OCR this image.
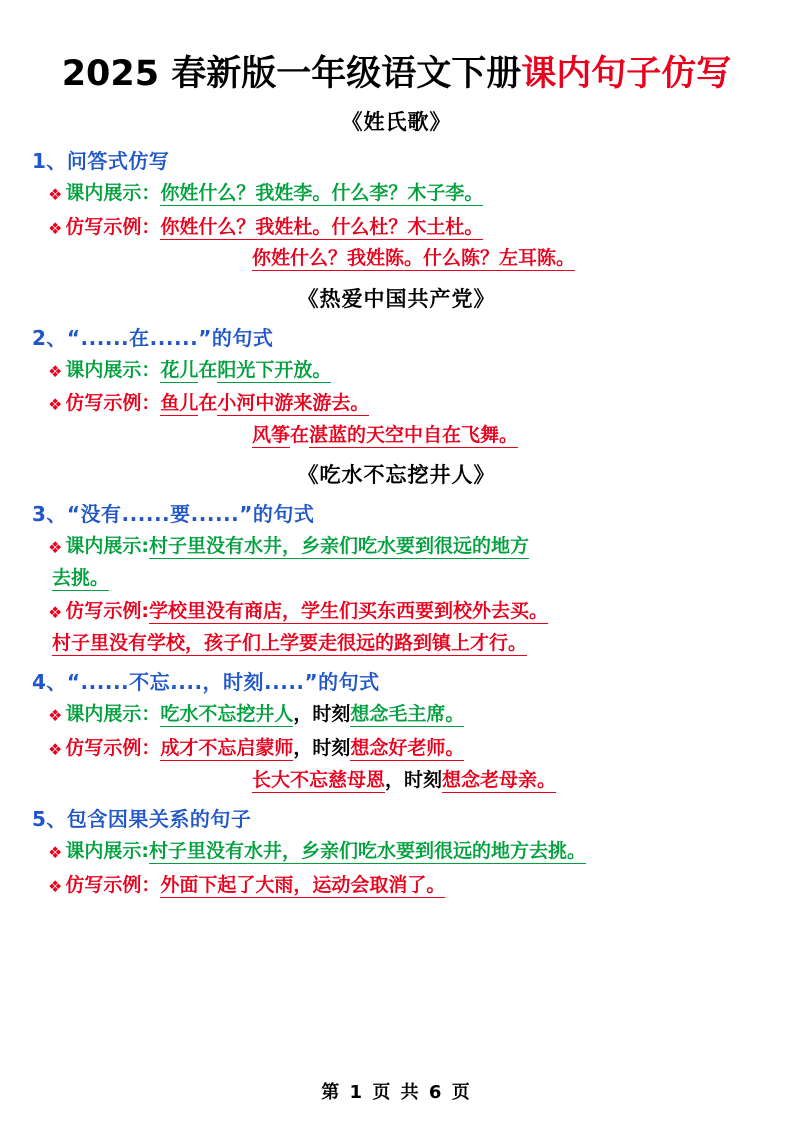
2025 春新版一年级语文下册课内句子仿写
《姓氏歌》
1、问答式仿写
❖ 课内展示： 你姓什么？我姓李。什么李？木子李。
❖ 仿写示例： 你姓什么？我姓杜。什么杜？木土杜。
你姓什么？我姓陈。什么陈？左耳陈。
《热爱中国共产党》
2、“......在......”的句式
❖ 课内展示： 花儿在阳光下开放。
❖ 仿写示例： 鱼儿在小河中游来游去。
风筝在湛蓝的天空中自在飞舞。
《吃水不忘挖井人》
3、“没有......要......”的句式
❖ 课内展示: 村子里没有水井，乡亲们吃水要到很远的地方
去挑。
❖ 仿写示例: 学校里没有商店，学生们买东西要到校外去买。
村子里没有学校，孩子们上学要走很远的路到镇上才行。
4、“......不忘....，时刻.....”的句式
❖ 课内展示： 吃水不忘挖井人，时刻想念毛主席。
❖ 仿写示例： 成才不忘启蒙师，时刻想念好老师。
长大不忘慈母恩，时刻想念老母亲。
5、包含因果关系的句子
❖ 课内展示: 村子里没有水井，乡亲们吃水要到很远的地方去挑。
❖ 仿写示例： 外面下起了大雨，运动会取消了。
第 1 页 共 6 页
